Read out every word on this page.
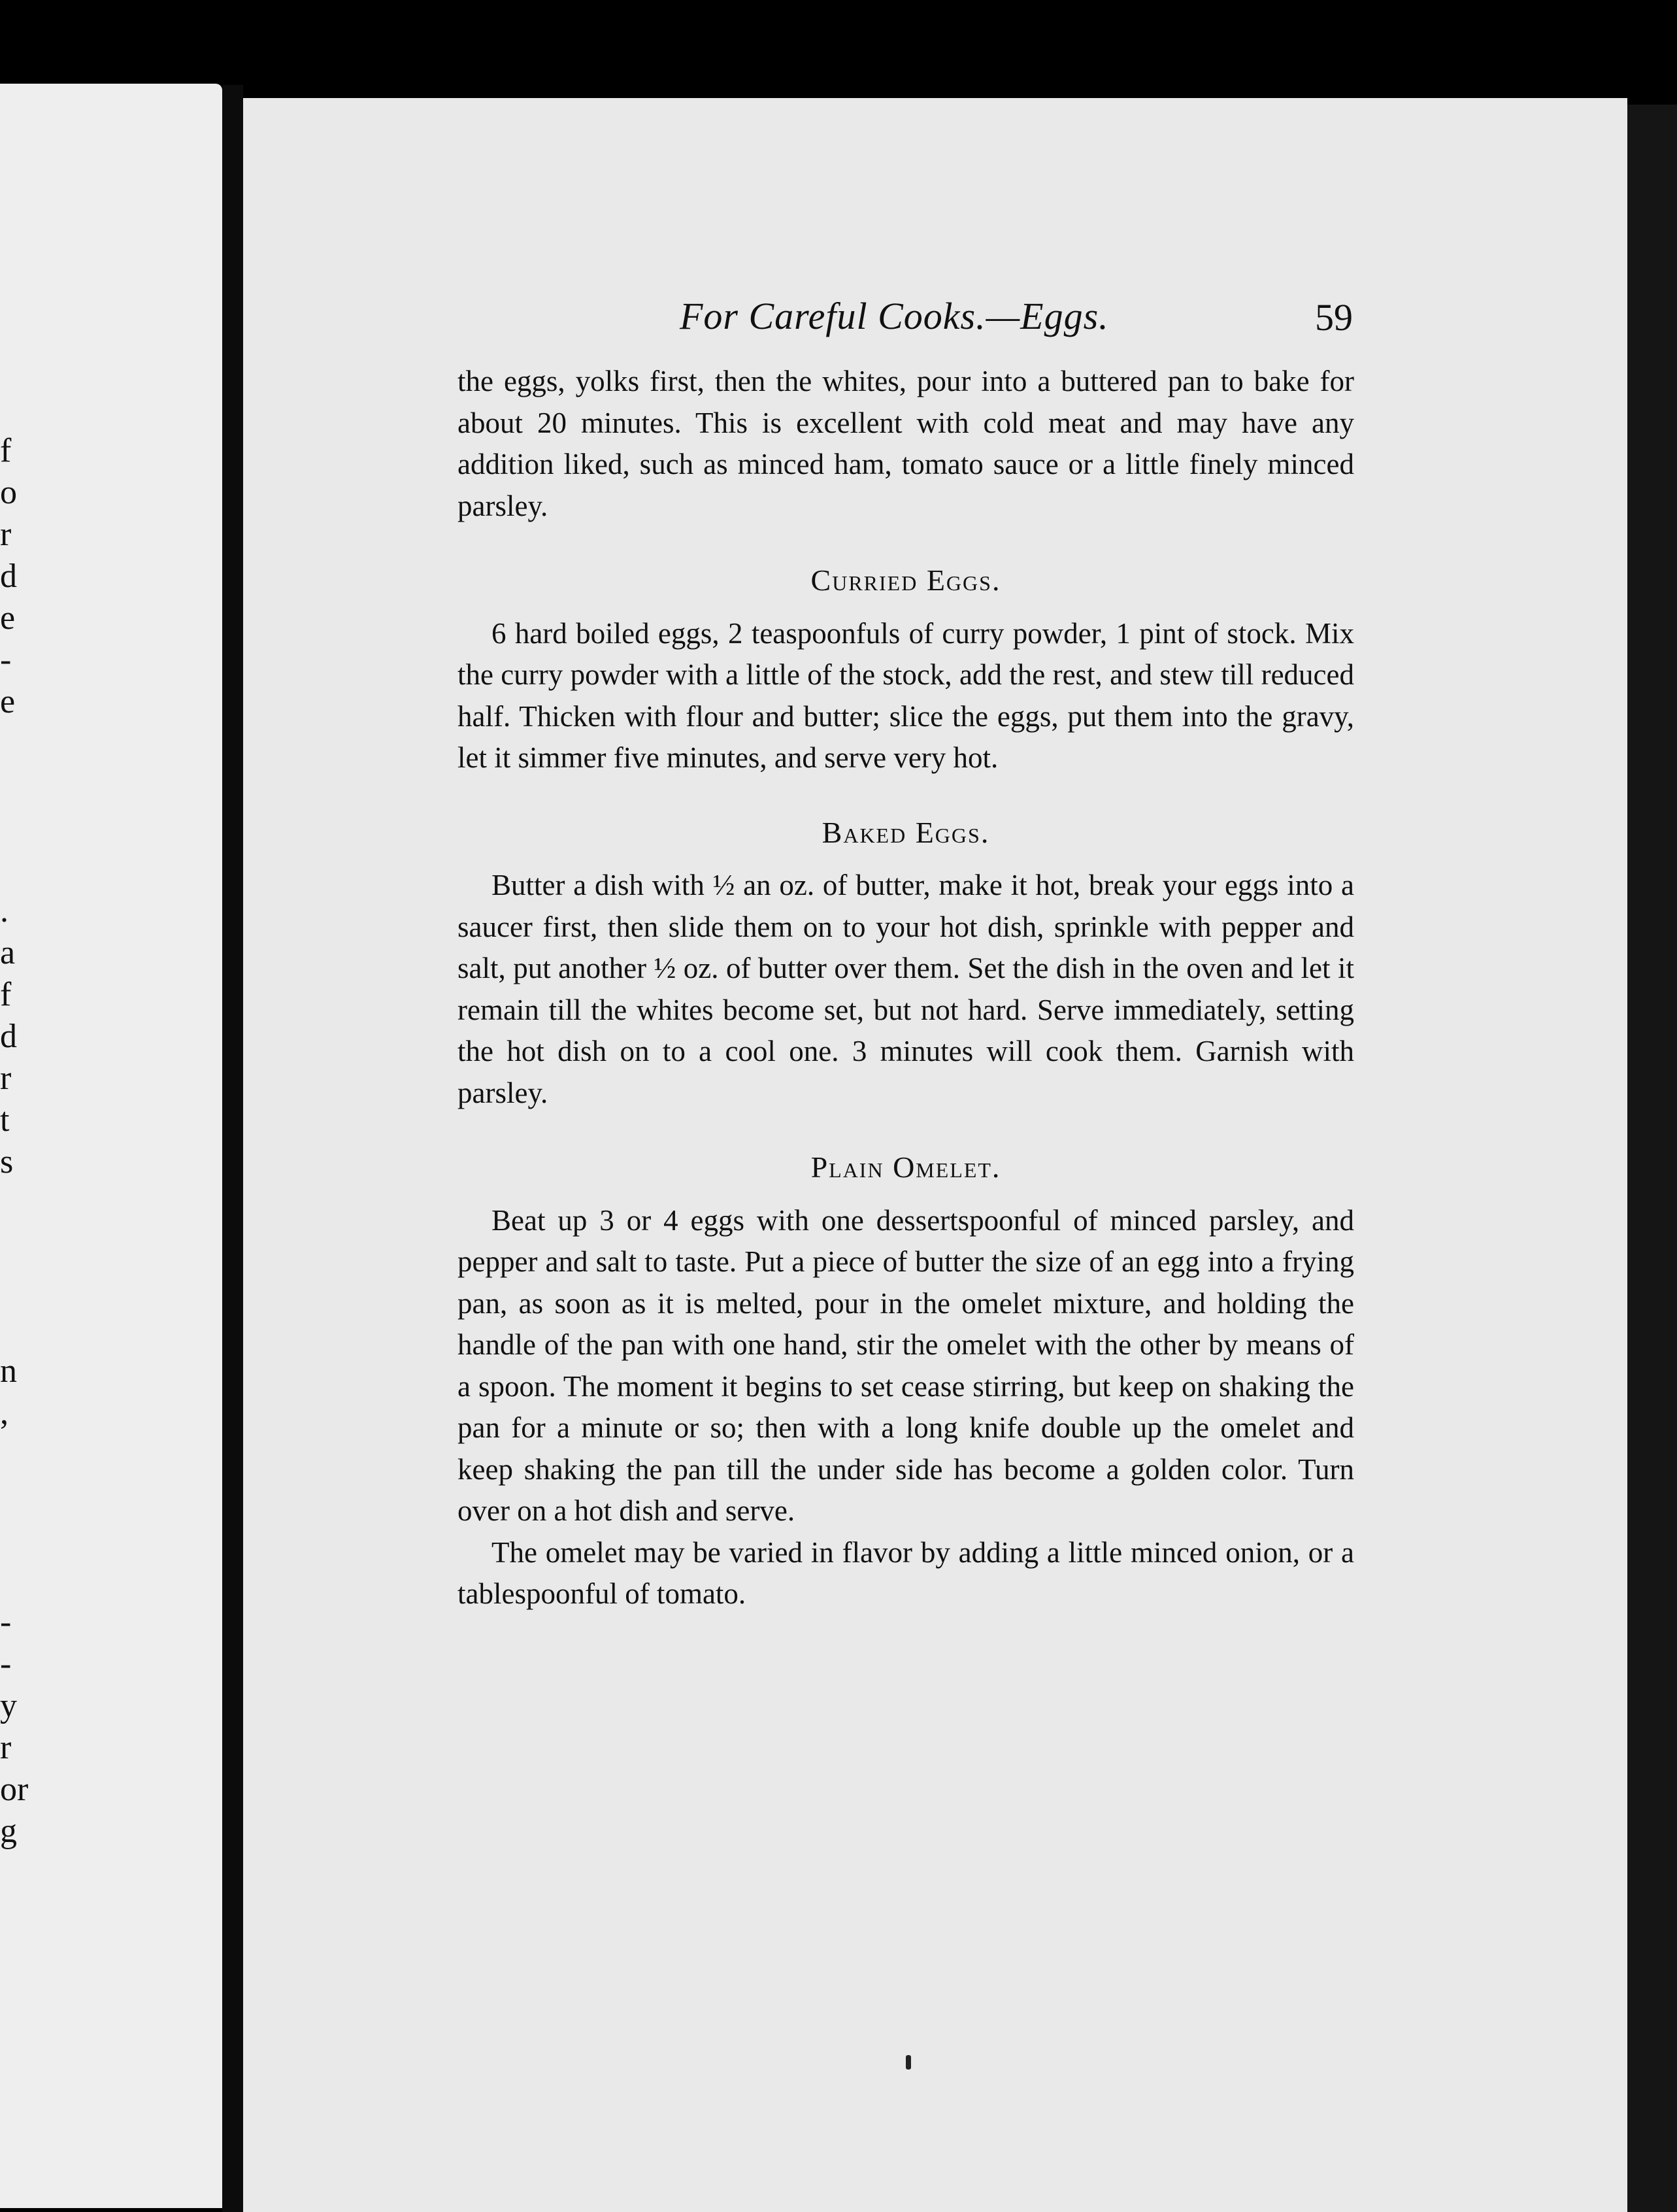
f
o
r
d
e
-
e
.
a
f
d
r
t
s
n
,
-
-
y
r
or
g
For Careful Cooks.—Eggs.	59

the eggs, yolks first, then the whites, pour into a buttered pan to bake for about 20 minutes. This is excellent with cold meat and may have any addition liked, such as minced ham, tomato sauce or a little finely minced parsley.

Curried Eggs.

6 hard boiled eggs, 2 teaspoonfuls of curry powder, 1 pint of stock. Mix the curry powder with a little of the stock, add the rest, and stew till reduced half. Thicken with flour and butter; slice the eggs, put them into the gravy, let it simmer five minutes, and serve very hot.

Baked Eggs.

Butter a dish with ½ an oz. of butter, make it hot, break your eggs into a saucer first, then slide them on to your hot dish, sprinkle with pepper and salt, put another ½ oz. of butter over them. Set the dish in the oven and let it remain till the whites become set, but not hard. Serve immediately, setting the hot dish on to a cool one. 3 minutes will cook them. Garnish with parsley.

Plain Omelet.

Beat up 3 or 4 eggs with one dessertspoonful of minced parsley, and pepper and salt to taste. Put a piece of butter the size of an egg into a frying pan, as soon as it is melted, pour in the omelet mixture, and holding the handle of the pan with one hand, stir the omelet with the other by means of a spoon. The moment it begins to set cease stirring, but keep on shaking the pan for a minute or so; then with a long knife double up the omelet and keep shaking the pan till the under side has become a golden color. Turn over on a hot dish and serve.

The omelet may be varied in flavor by adding a little minced onion, or a tablespoonful of tomato.
